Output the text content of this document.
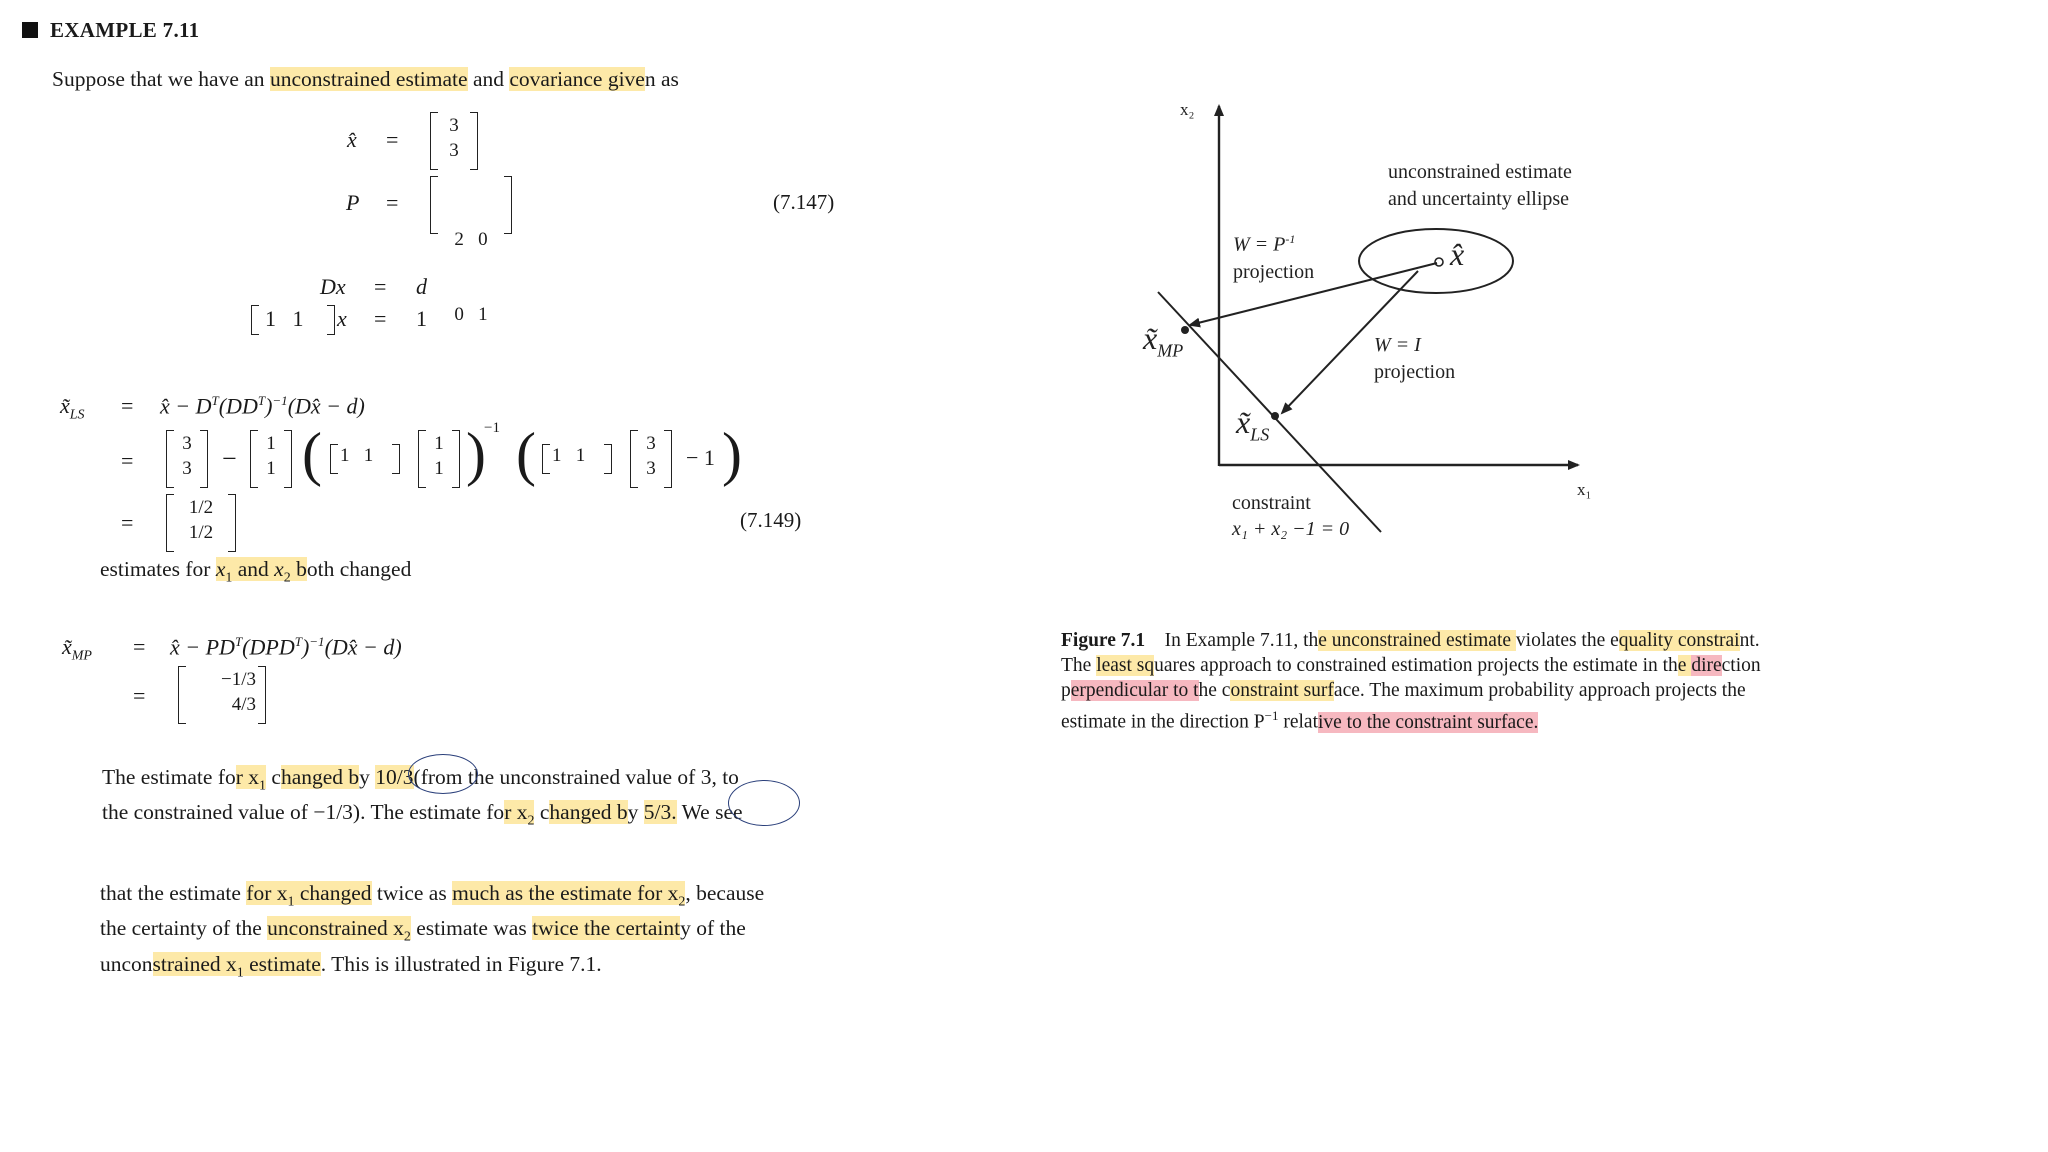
EXAMPLE 7.11
Suppose that we have an unconstrained estimate and covariance given as
x̂ =
3
3
P =

2   0

0   1

(7.147)
Dx = d
1   1 x = 1
$x̃_{LS}$ = x̂ − $D^T(DD^T)^{-1}(Dx̂ - d)$
=
3
3	−
1
1 ( 1   1
1
1 )
−1 ( 1   1
3
3	− 1 )
=
1/2
1/2
(7.149)
estimates for $x_1$ and $x_2$ both changed
$x̃_{MP}$ = x̂ − $PD^T(DPD^T)^{-1}(Dx̂ - d)$
=
−1/3
4/3
The estimate for $x_1$ changed by 10/3(from the unconstrained value of 3, to
the constrained value of −1/3). The estimate for $x_2$ changed by 5/3. We see
that the estimate for $x_1$ changed twice as much as the estimate for $x_2$, because
the certainty of the unconstrained $x_2$ estimate was twice the certainty of the
unconstrained $x_1$ estimate. This is illustrated in Figure 7.1.
x₂
x₁
unconstrained estimate
and uncertainty ellipse
$W = P^{-1}$
projection
W = I
projection
$x̃_{MP}$
$x̃_{LS}$
x̂
constraint
x₁ + x₂ −1 = 0
Figure 7.1 In Example 7.11, the unconstrained estimate violates the equality constraint.
The least squares approach to constrained estimation projects the estimate in the direction
perpendicular to the constraint surface. The maximum probability approach projects the
estimate in the direction $P^{-1}$ relative to the constraint surface.
